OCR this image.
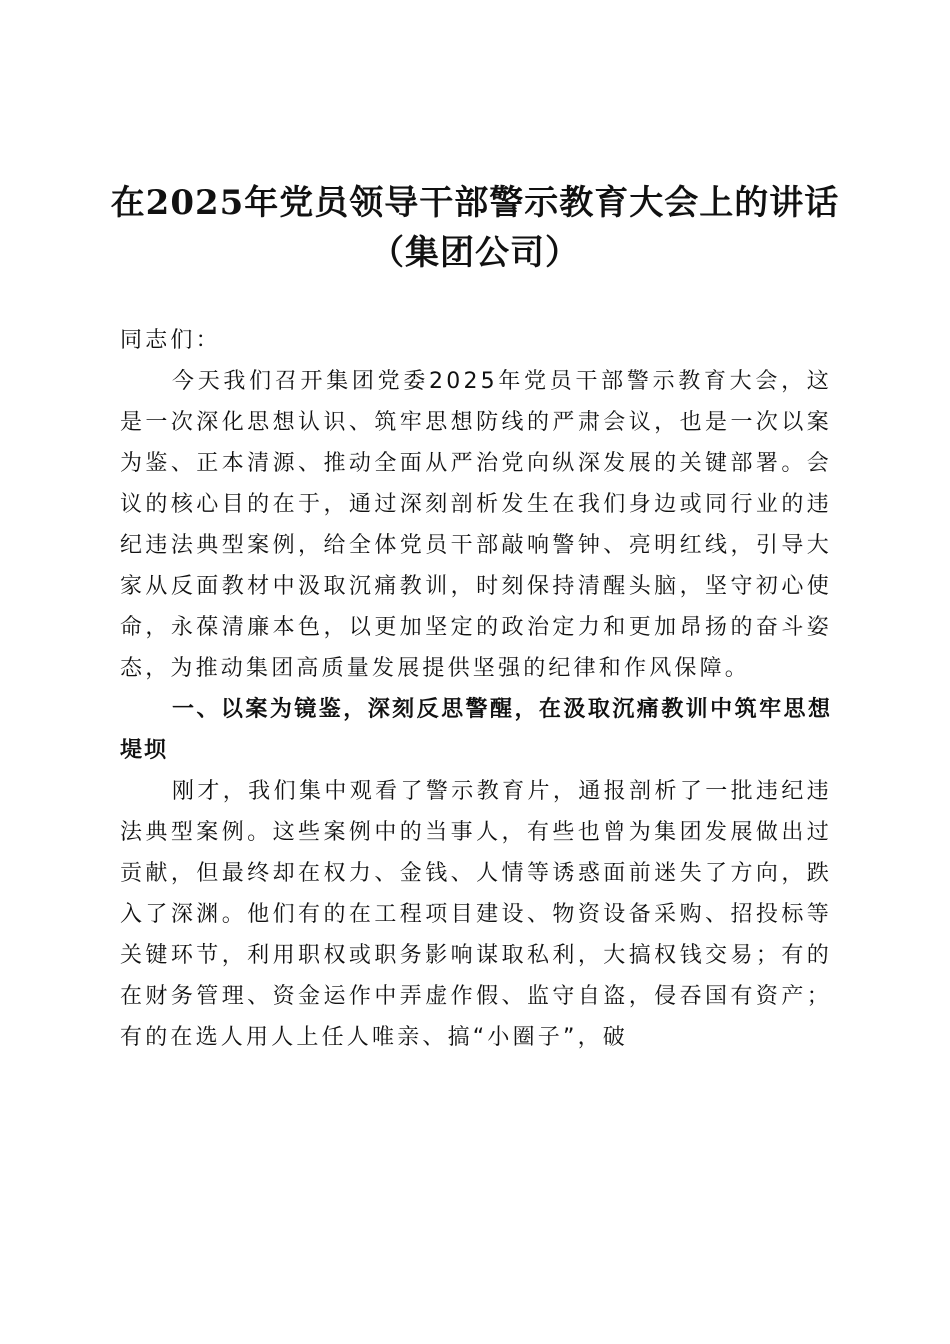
在2025年党员领导干部警示教育大会上的讲话（集团公司）

同志们：

今天我们召开集团党委2025年党员干部警示教育大会，这是一次深化思想认识、筑牢思想防线的严肃会议，也是一次以案为鉴、正本清源、推动全面从严治党向纵深发展的关键部署。会议的核心目的在于，通过深刻剖析发生在我们身边或同行业的违纪违法典型案例，给全体党员干部敲响警钟、亮明红线，引导大家从反面教材中汲取沉痛教训，时刻保持清醒头脑，坚守初心使命，永葆清廉本色，以更加坚定的政治定力和更加昂扬的奋斗姿态，为推动集团高质量发展提供坚强的纪律和作风保障。

一、以案为镜鉴，深刻反思警醒，在汲取沉痛教训中筑牢思想堤坝

刚才，我们集中观看了警示教育片，通报剖析了一批违纪违法典型案例。这些案例中的当事人，有些也曾为集团发展做出过贡献，但最终却在权力、金钱、人情等诱惑面前迷失了方向，跌入了深渊。他们有的在工程项目建设、物资设备采购、招投标等关键环节，利用职权或职务影响谋取私利，大搞权钱交易；有的在财务管理、资金运作中弄虚作假、监守自盗，侵吞国有资产；有的在选人用人上任人唯亲、搞“小圈子”，破
